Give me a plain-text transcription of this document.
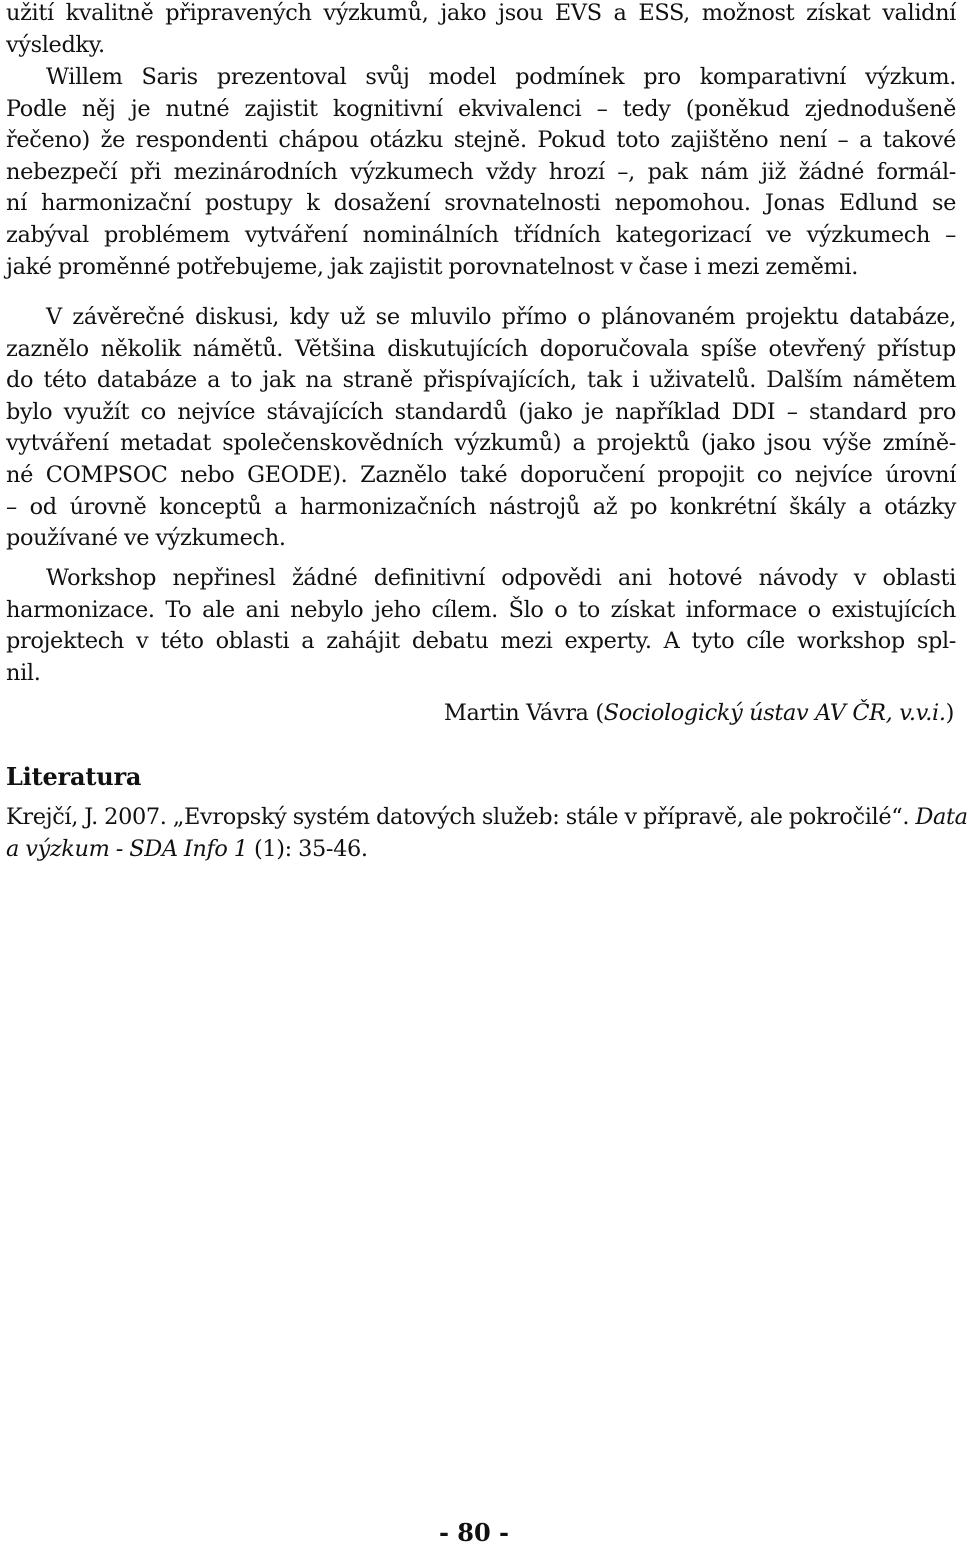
užití kvalitně připravených výzkumů, jako jsou EVS a ESS, možnost získat validní
výsledky.
Willem Saris prezentoval svůj model podmínek pro komparativní výzkum.
Podle něj je nutné zajistit kognitivní ekvivalenci – tedy (poněkud zjednodušeně
řečeno) že respondenti chápou otázku stejně. Pokud toto zajištěno není – a takové
nebezpečí při mezinárodních výzkumech vždy hrozí –, pak nám již žádné formál-
ní harmonizační postupy k dosažení srovnatelnosti nepomohou. Jonas Edlund se
zabýval problémem vytváření nominálních třídních kategorizací ve výzkumech –
jaké proměnné potřebujeme, jak zajistit porovnatelnost v čase i mezi zeměmi.
V závěrečné diskusi, kdy už se mluvilo přímo o plánovaném projektu databáze,
zaznělo několik námětů. Většina diskutujících doporučovala spíše otevřený přístup
do této databáze a to jak na straně přispívajících, tak i uživatelů. Dalším námětem
bylo využít co nejvíce stávajících standardů (jako je například DDI – standard pro
vytváření metadat společenskovědních výzkumů) a projektů (jako jsou výše zmíně-
né COMPSOC nebo GEODE). Zaznělo také doporučení propojit co nejvíce úrovní
– od úrovně konceptů a harmonizačních nástrojů až po konkrétní škály a otázky
používané ve výzkumech.
Workshop nepřinesl žádné definitivní odpovědi ani hotové návody v oblasti
harmonizace. To ale ani nebylo jeho cílem. Šlo o to získat informace o existujících
projektech v této oblasti a zahájit debatu mezi experty. A tyto cíle workshop spl-
nil.
Martin Vávra (Sociologický ústav AV ČR, v.v.i.)
Literatura
Krejčí, J. 2007. „Evropský systém datových služeb: stále v přípravě, ale pokročilé“. Data
a výzkum - SDA Info 1 (1): 35-46.
- 80 -
